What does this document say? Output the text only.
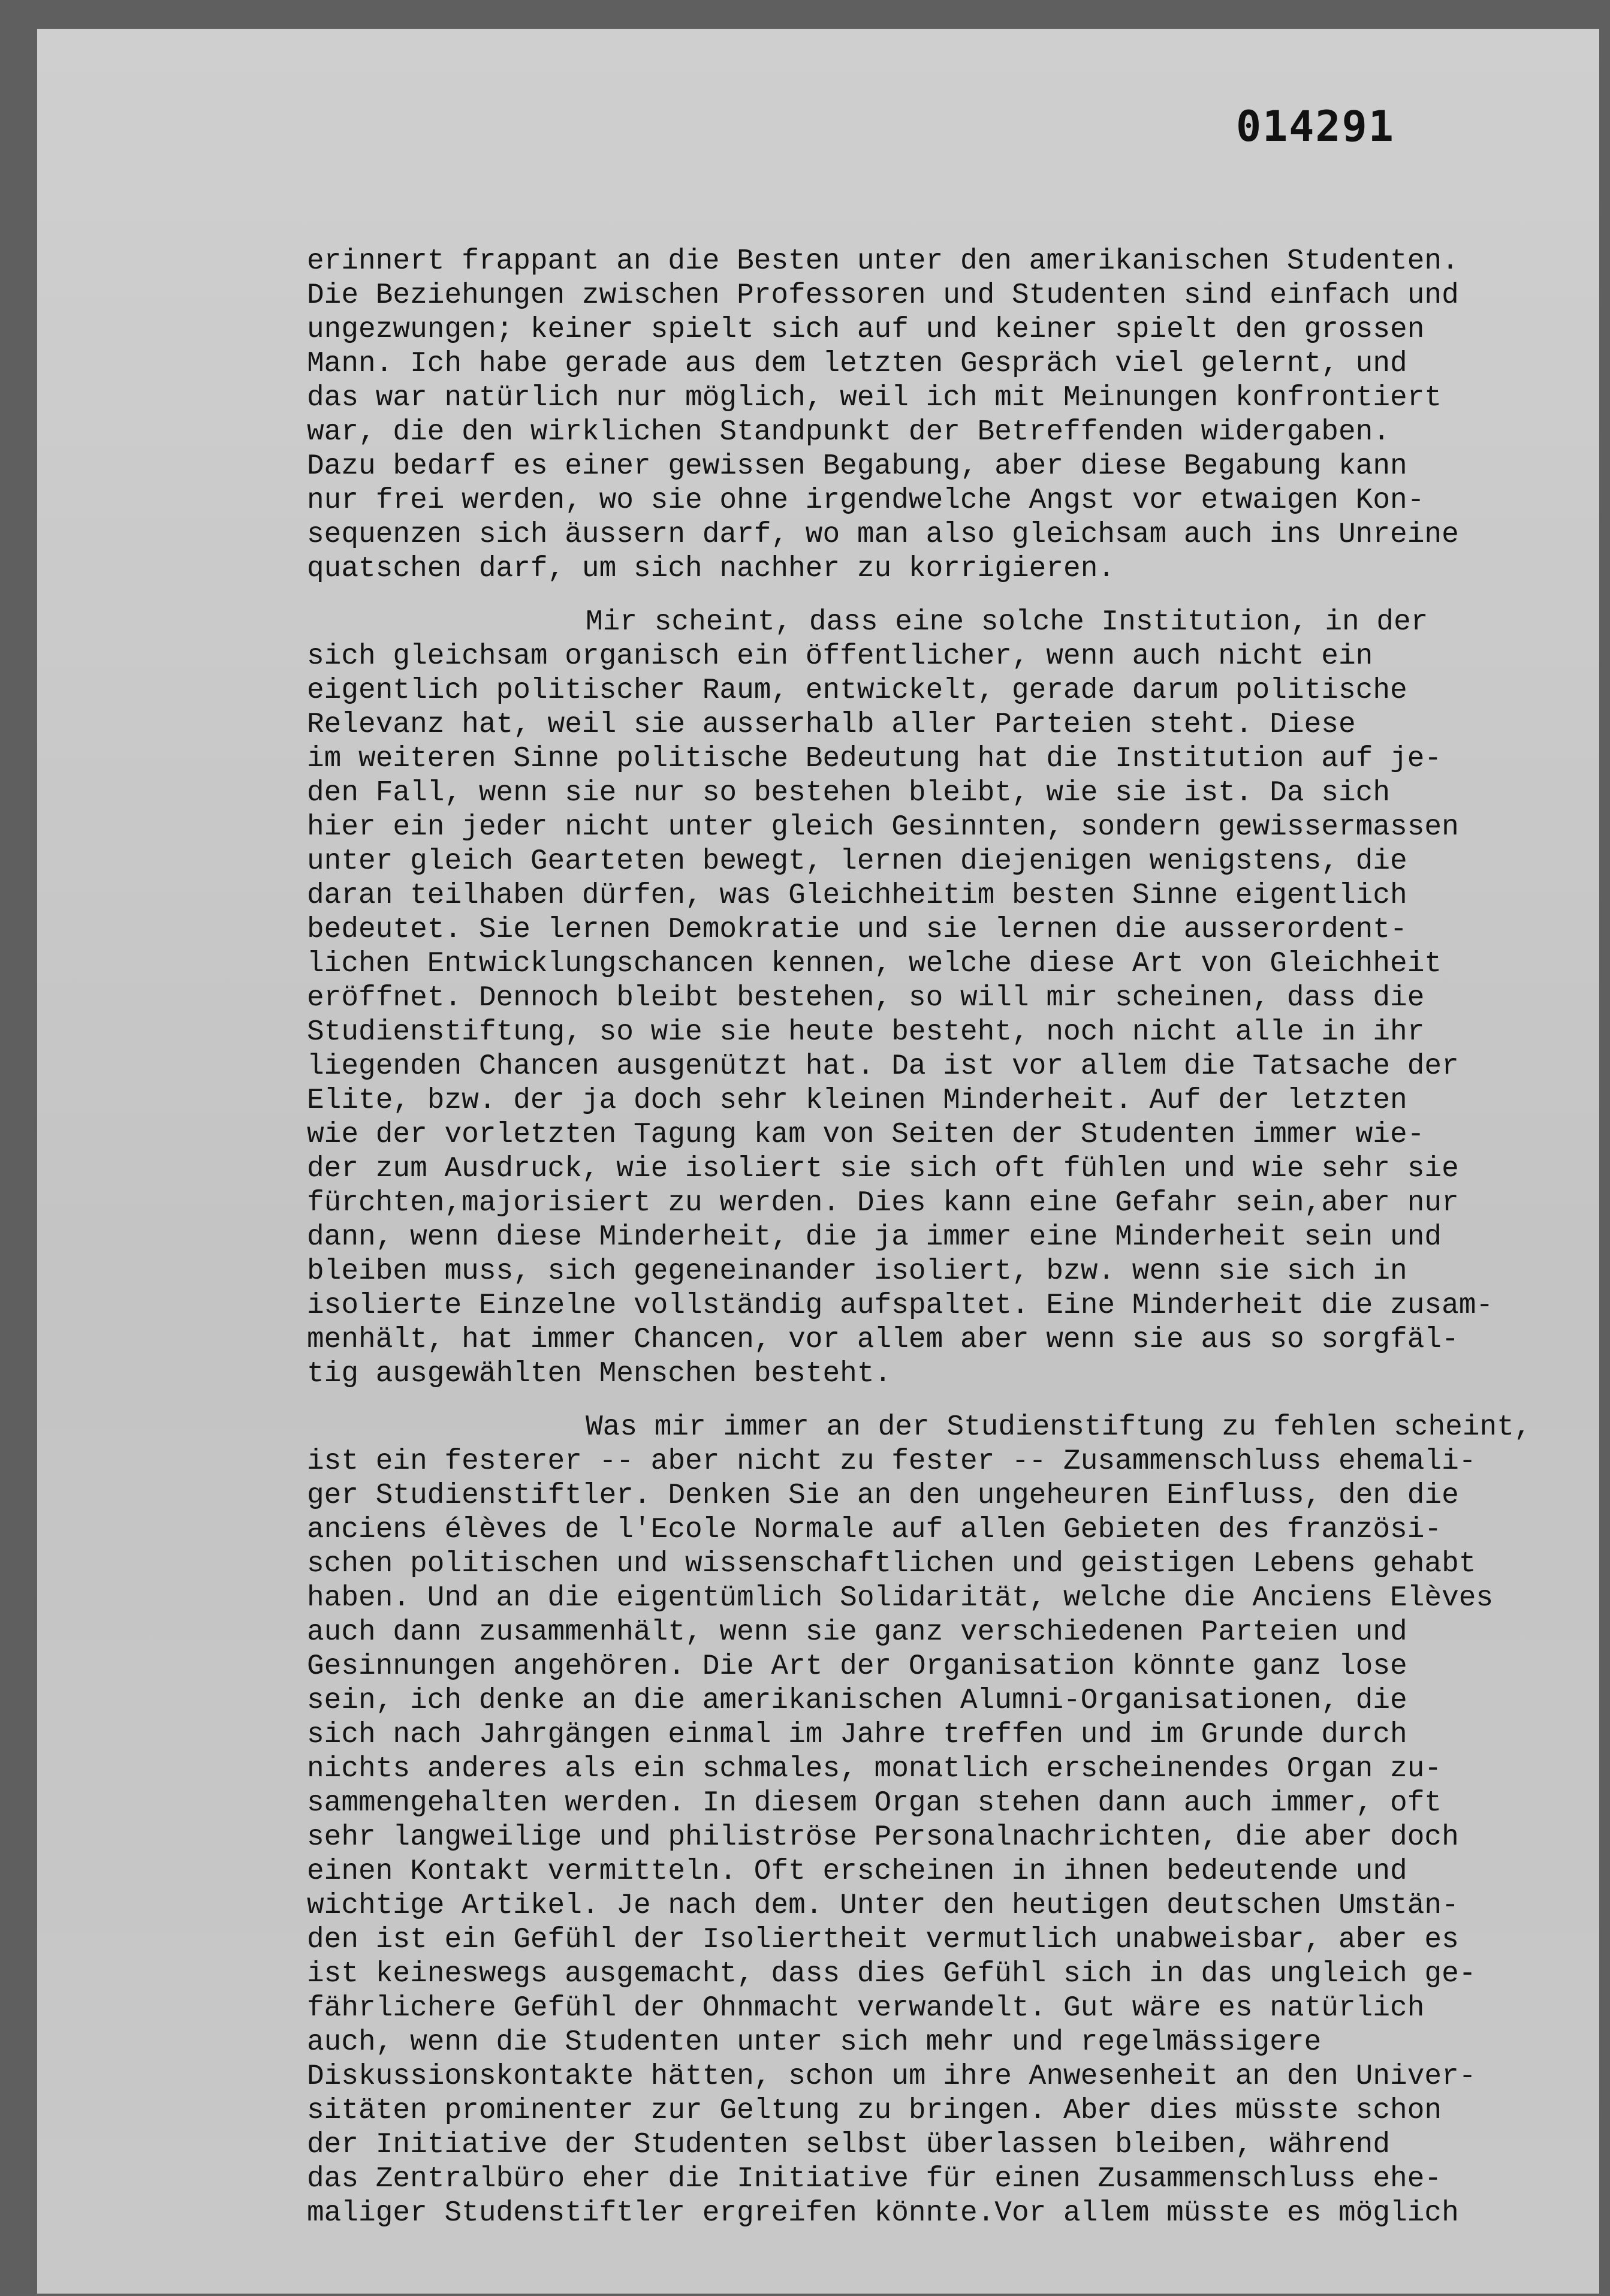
014291

erinnert frappant an die Besten unter den amerikanischen Studenten.
Die Beziehungen zwischen Professoren und Studenten sind einfach und
ungezwungen; keiner spielt sich auf und keiner spielt den grossen
Mann. Ich habe gerade aus dem letzten Gespräch viel gelernt, und
das war natürlich nur möglich, weil ich mit Meinungen konfrontiert
war, die den wirklichen Standpunkt der Betreffenden widergaben.
Dazu bedarf es einer gewissen Begabung, aber diese Begabung kann
nur frei werden, wo sie ohne irgendwelche Angst vor etwaigen Kon-
sequenzen sich äussern darf, wo man also gleichsam auch ins Unreine
quatschen darf, um sich nachher zu korrigieren.

Mir scheint, dass eine solche Institution, in der
sich gleichsam organisch ein öffentlicher, wenn auch nicht ein
eigentlich politischer Raum, entwickelt, gerade darum politische
Relevanz hat, weil sie ausserhalb aller Parteien steht. Diese
im weiteren Sinne politische Bedeutung hat die Institution auf je-
den Fall, wenn sie nur so bestehen bleibt, wie sie ist. Da sich
hier ein jeder nicht unter gleich Gesinnten, sondern gewissermassen
unter gleich Gearteten bewegt, lernen diejenigen wenigstens, die
daran teilhaben dürfen, was Gleichheitim besten Sinne eigentlich
bedeutet. Sie lernen Demokratie und sie lernen die ausserordent-
lichen Entwicklungschancen kennen, welche diese Art von Gleichheit
eröffnet. Dennoch bleibt bestehen, so will mir scheinen, dass die
Studienstiftung, so wie sie heute besteht, noch nicht alle in ihr
liegenden Chancen ausgenützt hat. Da ist vor allem die Tatsache der
Elite, bzw. der ja doch sehr kleinen Minderheit. Auf der letzten
wie der vorletzten Tagung kam von Seiten der Studenten immer wie-
der zum Ausdruck, wie isoliert sie sich oft fühlen und wie sehr sie
fürchten,majorisiert zu werden. Dies kann eine Gefahr sein,aber nur
dann, wenn diese Minderheit, die ja immer eine Minderheit sein und
bleiben muss, sich gegeneinander isoliert, bzw. wenn sie sich in
isolierte Einzelne vollständig aufspaltet. Eine Minderheit die zusam-
menhält, hat immer Chancen, vor allem aber wenn sie aus so sorgfäl-
tig ausgewählten Menschen besteht.

Was mir immer an der Studienstiftung zu fehlen scheint,
ist ein festerer -- aber nicht zu fester -- Zusammenschluss ehemali-
ger Studienstiftler. Denken Sie an den ungeheuren Einfluss, den die
anciens élèves de l'Ecole Normale auf allen Gebieten des französi-
schen politischen und wissenschaftlichen und geistigen Lebens gehabt
haben. Und an die eigentümlich Solidarität, welche die Anciens Elèves
auch dann zusammenhält, wenn sie ganz verschiedenen Parteien und
Gesinnungen angehören. Die Art der Organisation könnte ganz lose
sein, ich denke an die amerikanischen Alumni-Organisationen, die
sich nach Jahrgängen einmal im Jahre treffen und im Grunde durch
nichts anderes als ein schmales, monatlich erscheinendes Organ zu-
sammengehalten werden. In diesem Organ stehen dann auch immer, oft
sehr langweilige und philiströse Personalnachrichten, die aber doch
einen Kontakt vermitteln. Oft erscheinen in ihnen bedeutende und
wichtige Artikel. Je nach dem. Unter den heutigen deutschen Umstän-
den ist ein Gefühl der Isoliertheit vermutlich unabweisbar, aber es
ist keineswegs ausgemacht, dass dies Gefühl sich in das ungleich ge-
fährlichere Gefühl der Ohnmacht verwandelt. Gut wäre es natürlich
auch, wenn die Studenten unter sich mehr und regelmässigere
Diskussionskontakte hätten, schon um ihre Anwesenheit an den Univer-
sitäten prominenter zur Geltung zu bringen. Aber dies müsste schon
der Initiative der Studenten selbst überlassen bleiben, während
das Zentralbüro eher die Initiative für einen Zusammenschluss ehe-
maliger Studenstiftler ergreifen könnte.Vor allem müsste es möglich
